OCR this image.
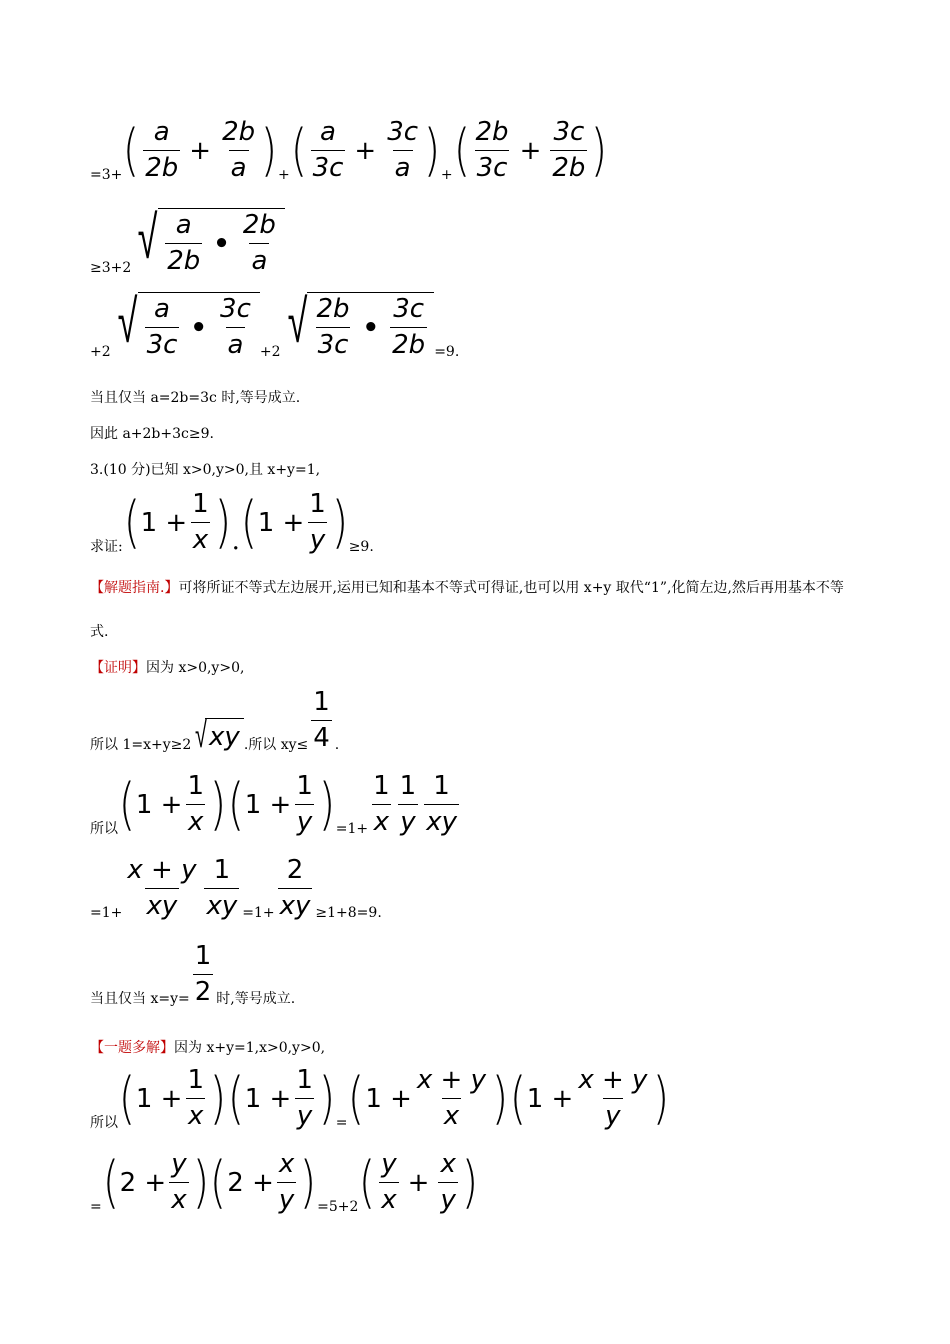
=3+ ( $\frac{a}{2b} + \frac{2b}{a}$ ) + ( $\frac{a}{3c} + \frac{3c}{a}$ ) + ( $\frac{2b}{3c} + \frac{3c}{2b}$ )
≥3+2 √ $\frac{a}{2b}$ • $\frac{2b}{a}$
+2 √ $\frac{a}{3c}$ • $\frac{3c}{a} +2$ √ $\frac{2b}{3c}$ • $\frac{3c}{2b} =9$.
当且仅当 a=2b=3c 时,等号成立.
因此 a+2b+3c≥9.
3.(10 分)已知 x>0,y>0,且 x+y=1,
求证: ( $1 + \frac{1}{x}$ ) . ( $1 + \frac{1}{y}$ ) ≥9.
【解题指南.】可将所证不等式左边展开,运用已知和基本不等式可得证,也可以用 x+y 取代“1”,化简左边,然后再用基本不等式.
【证明】因为 x>0,y>0,
所以 1=x+y≥2 √ xy .所以 $xy\le \frac{1}{4}$ .
所以 ( $1 + \frac{1}{x}$ ) ( $1 + \frac{1}{y}$ ) $=1+ \frac{1}{x} \frac{1}{y} \frac{1}{xy}$
$=1+ \frac{x + y}{xy} \frac{1}{xy} =1+ \frac{2}{xy} \ge 1+8=9$.
当且仅当 $x=y= \frac{1}{2}$ 时,等号成立.
【一题多解】因为 x+y=1,x>0,y>0,
所以 ( $1 + \frac{1}{x}$ ) ( $1 + \frac{1}{y}$ ) = ( $1 + \frac{x + y}{x}$ ) ( $1 + \frac{x + y}{y}$ )
= ( $2 + \frac{y}{x}$ ) ( $2 + \frac{x}{y}$ ) =5+2 ( $\frac{y}{x} + \frac{x}{y}$ )
